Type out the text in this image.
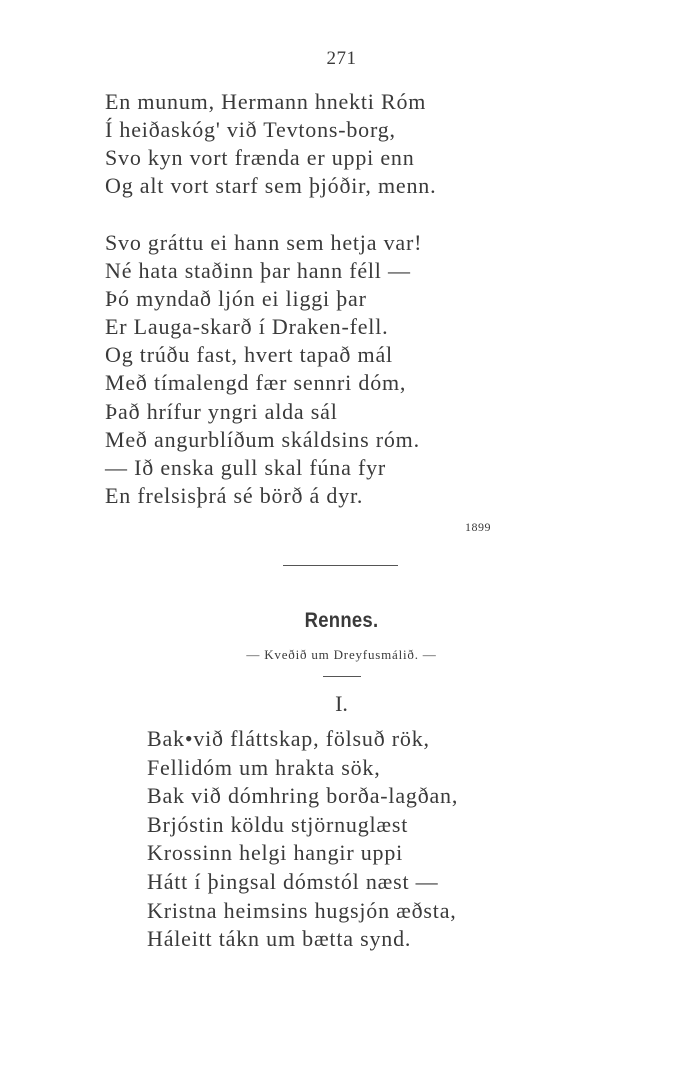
271
En munum, Hermann hnekti Róm
Í heiðaskóg' við Tevtons-borg,
Svo kyn vort frænda er uppi enn
Og alt vort starf sem þjóðir, menn.
Svo gráttu ei hann sem hetja var!
Né hata staðinn þar hann féll —
Þó myndað ljón ei liggi þar
Er Lauga-skarð í Draken-fell.
Og trúðu fast, hvert tapað mál
Með tímalengd fær sennri dóm,
Það hrífur yngri alda sál
Með angurblíðum skáldsins róm.
— Ið enska gull skal fúna fyr
En frelsisþrá sé börð á dyr.
1899
Rennes.
— Kveðið um Dreyfusmálið. —
I.
Bak•við fláttskap, fölsuð rök,
Fellidóm um hrakta sök,
Bak við dómhring borða-lagðan,
Brjóstin köldu stjörnuglæst
Krossinn helgi hangir uppi
Hátt í þingsal dómstól næst —
Kristna heimsins hugsjón æðsta,
Háleitt tákn um bætta synd.
